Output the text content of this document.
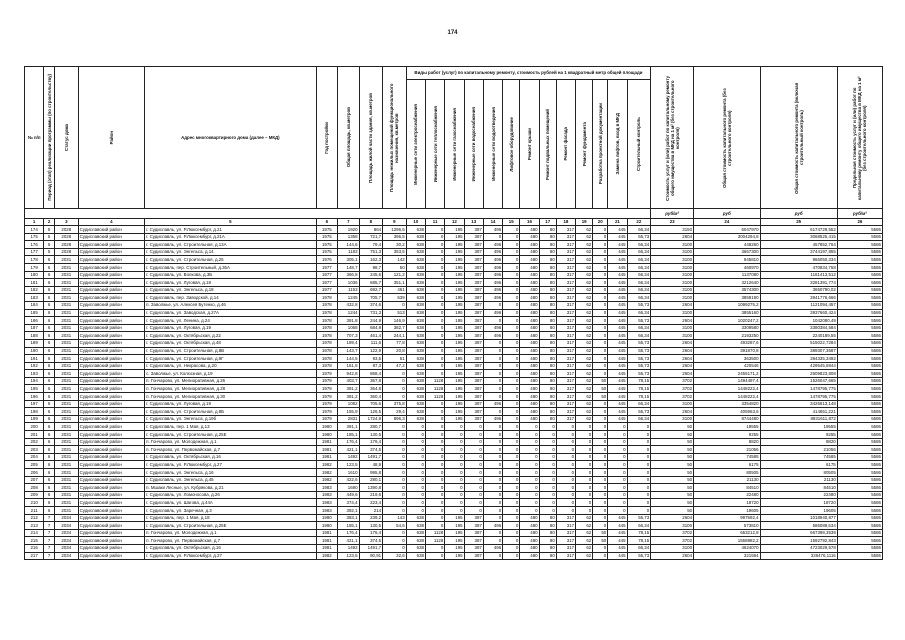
174
№ п/п	Период (этап) реализации программы (по строительству)	Статус дома	Район	Адрес многоквартирного дома (далее – МКД)	Год постройки	Общая площадь, кв.метров	Площадь жилой части здания, кв.метров	Площадь нежилых помещений функционального назначения, кв.метров	Виды работ (услуг) по капитальному ремонту, стоимость рублей на 1 квадратный метр общей площади													Стоимость услуг и (или) работ по капитальному ремонту общего имущества в МКД на 1 м² (без строительного контроля)	Общая стоимость капитального ремонта (без строительного контроля)	Общая стоимость капитального ремонта (включая строительный контроль)	Предельная стоимость услуг и (или) работ по капитальному ремонту общего имущества в МКД на 1 м² (без строительного контроля)

									Инженерные сети электроснабжения	Инженерные сети теплоснабжения	Инженерные сети газоснабжения	Инженерные сети водоснабжения	Инженерные сети водоотведения	Лифтовое оборудование	Ремонт крыши	Ремонт подвальных помещений	Ремонт фасада	Ремонт фундамента	Разработка проектной документации	Замена лифтов, вход в МКД	Строительный контроль				

																						руб/м²	руб	руб	руб/м²
1	2	3	4	5	6	7	8	9	10	11	12	13	14	15	16	17	18	19	20	21	22	23	24	25	26
174	5	2028	Судиславский район	г. Судиславль, ул. Р.Люксембург, д.21	1975	1920	864	1296,5	638	0	195	387	496	0	480	80	317	62	0	445	66,34	3150	6047970	6174729,552	5586
175	5	2028	Судиславский район	г. Судиславль, ул. Р.Люксембург, д.21А	1975	1358	721,7	396,5	638	0	195	387	0	0	480	80	317	62	0	445	55,73	2604	3004294,8	3068525,415	5586
176	5	2028	Судиславский район	г. Судиславль, ул. Строительная, д.13А	1975	144,6	79,4	30,2	638	0	195	387	496	0	480	80	317	62	0	445	66,34	3100	448260	457852,764	5586
177	5	2028	Судиславский район	г. Судиславль, ул. Энгельса, д.14	1975	1183	751,3	353,5	638	0	195	387	496	0	480	80	317	62	0	445	66,34	3100	3667300	3744197,855	5586
178	6	2031	Судиславский район	г. Судиславль, ул. Строительная, д.25	1976	305,1	162,3	142	638	0	195	387	496	0	480	80	317	62	0	445	66,34	3100	945810	966050,334	5586
179	6	2031	Судиславский район	г. Судиславль, пер. Строительный, д.35А	1977	148,7	98,7	50	638	0	195	387	496	0	480	80	317	62	0	445	66,34	3100	460970	470834,758	5586
180	6	2031	Судиславский район	г. Судиславль, ул. Волкова, д.3Б	1977	366,8	245,6	121,2	638	0	195	387	496	0	480	80	317	62	0	445	66,34	3100	1137080	1161413,512	5586
181	6	2031	Судиславский район	г. Судиславль, ул. Луговая, д.18	1977	1036	685,7	351,1	638	0	195	387	496	0	480	80	317	62	0	445	66,34	3100	3212640	3281391,774	5586
182	6	2031	Судиславский район	г. Судиславль, ул. Энгельса, д.18	1977	1153	692,7	461	638	0	195	387	496	0	480	80	317	62	0	445	66,34	3100	3574300	3650790,02	5586
183	6	2031	Судиславский район	г. Судиславль, пер. Заводской, д.14	1978	1245	705,7	539	638	0	195	387	496	0	480	80	317	62	0	445	66,34	3100	3859190	3941776,666	5586
184	6	2031	Судиславский район	п. Заволжье, ул. Алексея Бутенко, д.46	1978	432,8	374,6	0	638	0	195	387	0	0	480	80	317	62	0	445	55,73	2604	1099275,2	1121094,457	5586
185	6	2031	Судиславский район	г. Судиславль, ул. Заводская, д.27А	1978	1244	731,3	513	638	0	195	387	496	0	480	80	317	62	0	445	66,34	3100	3855160	3937660,424	5586
186	6	2031	Судиславский район	г. Судиславль, ул. Ленина, д.24	1978	391,8	244,9	146,9	638	0	195	387	0	0	480	80	317	62	0	445	55,73	2604	1020247,2	1042080,49	5586
187	6	2031	Судиславский район	г. Судиславль, ул. Луговая, д.19	1978	1068	684,9	382,7	638	0	195	387	496	0	480	80	317	62	0	445	66,34	3100	3309580	3380384,584	5586
188	6	2031	Судиславский район	г. Судиславль, ул. Октябрьская, д.22	1978	707,3	461,4	244,1	638	0	195	387	496	0	480	80	317	62	0	445	66,34	3100	2193250	2240189,55	5586
189	6	2031	Судиславский район	г. Судиславль, ул. Октябрьская, д.48	1978	189,4	111,6	77,8	638	0	195	387	0	0	480	80	317	62	0	445	55,73	2604	493287,6	515022,7284	5586
190	6	2031	Судиславский район	г. Судиславль, ул. Строительная, д.8В	1978	143,7	122,9	20,8	638	0	195	387	0	0	480	80	317	62	0	445	55,73	2604	391870,8	389307,3687	5586
191	6	2031	Судиславский район	г. Судиславль, ул. Строительная, д.9Г	1978	144,5	93,5	51	638	0	195	387	0	0	480	80	317	62	0	445	55,73	2604	363500	394335,3492	5586
192	6	2031	Судиславский район	г. Судиславль, ул. Некрасова, д.20	1978	161,5	87,3	47,2	638	0	195	387	0	0	480	80	317	62	0	445	55,73	2604	420546	429545,6844	5586
193	6	2031	Судиславский район	с. Заволжье, ул. Колхозная, д.19	1979	942,8	868,4	0	638	0	195	387	0	0	480	80	317	62	0	445	55,73	2604	2455171,2	2609823,808	5586
194	6	2031	Судиславский район	п. Гончарово, ул. Мелиоративная, д.26	1979	403,7	367,8	0	638	1128	195	387	0	0	480	80	317	62	50	445	78,15	3702	1494497,4	1526047,665	5586
195	6	2031	Судиславский район	п. Гончарово, ул. Мелиоративная, д.28	1979	391,2	364,8	0	638	1128	195	387	0	0	480	80	317	62	50	445	78,15	3702	1448222,4	1478795,775	5586
196	6	2031	Судиславский район	п. Гончарово, ул. Мелиоративная, д.30	1979	391,2	360,4	0	638	1128	195	387	0	0	480	80	317	62	50	445	78,15	3702	1448222,4	1478795,775	5586
197	6	2031	Судиславский район	г. Судиславль, ул. Луговая, д.19	1979	1082	705,6	375,8	638	0	195	387	496	0	480	80	317	62	0	445	66,34	3100	3354820	3426613,148	5586
198	6	2031	Судиславский район	г. Судиславль, ул. Строительная, д.8Б	1979	155,9	126,5	29,4	638	0	195	387	0	0	480	80	317	62	0	445	55,73	2604	405963,6	414651,221	5586
199	6	2031	Судиславский район	г. Судиславль, ул. Энгельса, д.19б	1979	2831	1724,9	896,3	638	0	195	387	496	0	480	80	317	62	0	445	66,34	3100	8744480	8931611,872	5586
200	6	2031	Судиславский район	г. Судиславль, пер. 1 Мая, д.13	1980	391,1	280,7	0	0	0	0	0	0	0	0	0	0	0	0	0	0	50	19555	19555	5586
201	6	2031	Судиславский район	г. Судиславль, ул. Строительная, д.25Е	1980	185,1	130,5	0	0	0	0	0	0	0	0	0	0	0	0	0	0	50	9255	9255	5586
202	6	2031	Судиславский район	п. Гончарово, ул. Молодежная, д.1	1981	176,4	176,4	0	0	0	0	0	0	0	0	0	0	0	0	0	0	50	8820	8820	5586
203	6	2031	Судиславский район	п. Гончарово, ул. Первомайская, д.7	1981	421,1	374,5	0	0	0	0	0	0	0	0	0	0	0	0	0	0	50	21056	21056	5586
204	6	2031	Судиславский район	г. Судиславль, ул. Октябрьская, д.16	1981	1492	1491,7	0	0	0	0	0	0	0	0	0	0	0	0	0	0	50	74585	74585	5586
205	6	2031	Судиславский район	г. Судиславль, ул. Р.Люксембург, д.27	1982	123,5	48,9	0	0	0	0	0	0	0	0	0	0	0	0	0	0	50	6175	6175	5586
206	6	2031	Судиславский район	г. Судиславль, ул. Энгельса, д.16	1982	1610	995,8	0	0	0	0	0	0	0	0	0	0	0	0	0	0	50	80505	80505	5586
207	6	2031	Судиславский район	г. Судиславль, ул. Энгельса, д.45	1982	422,6	280,1	0	0	0	0	0	0	0	0	0	0	0	0	0	0	50	21130	21130	5586
208	6	2031	Судиславский район	п. Мшаки Лесные, ул. Кубрякова, д.21	1983	1690	1390,8	0	0	0	0	0	0	0	0	0	0	0	0	0	0	50	84510	84510	5586
209	6	2031	Судиславский район	г. Судиславль, ул. Ломоносова, д.26	1983	449,6	219,6	0	0	0	0	0	0	0	0	0	0	0	0	0	0	50	22480	22480	5586
210	6	2031	Судиславский район	г. Судиславль, ул. Шагова, д.44А	1983	374,4	223,4	0	0	0	0	0	0	0	0	0	0	0	0	0	0	50	18720	18720	5586
211	6	2031	Судиславский район	г. Судиславль, ул. Заречная, д.3	1983	392,1	214	0	0	0	0	0	0	0	0	0	0	0	0	0	0	50	19605	19605	5586
212	7	2034	Судиславский район	г. Судиславль, пер. 1 Мая, д.18	1980	383,1	239,2	143	638	0	195	387	0	0	480	80	317	62	0	445	55,73	2604	997592,4	1018940,877	5586
213	7	2034	Судиславский район	г. Судиславль, ул. Строительная, д.25Е	1980	185,1	130,5	54,6	638	0	195	387	496	0	480	80	317	62	0	445	66,34	3100	573810	586089,534	5586
214	7	2034	Судиславский район	п. Гончарово, ул. Молодежная, д.1	1981	176,4	176,4	0	638	1128	195	387	0	0	480	80	317	62	50	445	78,15	3702	653212,8	667398,3539	5586
215	7	2034	Судиславский район	п. Гончарово, ул. Первомайская, д.7	1981	421,1	374,5	0	638	1128	195	387	0	0	480	80	317	62	50	445	78,15	3702	1558882,2	1592792,843	5586
216	7	2034	Судиславский район	г. Судиславль, ул. Октябрьская, д.16	1981	1492	1491,7	0	638	0	195	387	496	0	480	80	317	62	0	445	66,34	3100	4624070	4723029,578	5586
217	7	2034	Судиславский район	г. Судиславль, ул. Р.Люксембург, д.27	1982	123,5	90,91	32,6	638	0	195	387	0	0	480	80	317	62	0	445	55,73	2604	321594	328476,1116	5586
